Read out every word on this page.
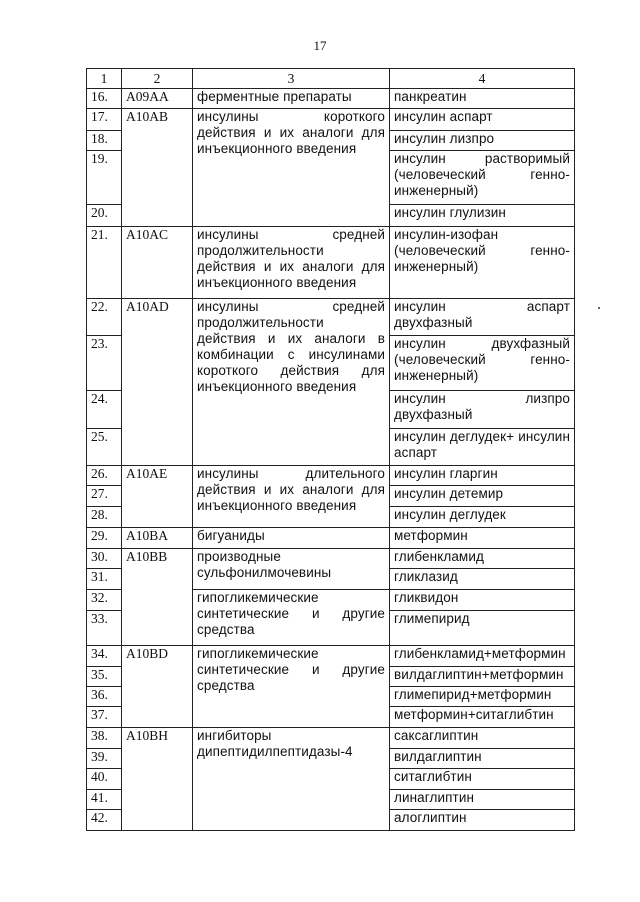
17
1	2	3	4
16.	A09AA	ферментные препараты	панкреатин
17.	A10AB	инсулины короткого действия и их аналоги для инъекционного введения	инсулин аспарт
18.			инсулин лизпро
19.			инсулин растворимый (человеческий генно-инженерный)
20.			инсулин глулизин
21.	A10AC	инсулины средней продолжительности действия и их аналоги для инъекционного введения	инсулин-изофан (человеческий генно-инженерный)
22.	A10AD	инсулины средней продолжительности действия и их аналоги в комбинации с инсулинами короткого действия для инъекционного введения	инсулин аспарт двухфазный
23.			инсулин двухфазный (человеческий генно-инженерный)
24.			инсулин лизпро двухфазный
25.			инсулин деглудек+ инсулин аспарт
26.	A10AE	инсулины длительного действия и их аналоги для инъекционного введения	инсулин гларгин
27.			инсулин детемир
28.			инсулин деглудек
29.	A10BA	бигуаниды	метформин
30.	A10BB	производные сульфонилмочевины	глибенкламид
31.			гликлазид
32.		гипогликемические синтетические и другие средства	гликвидон
33.			глимепирид
34.	A10BD	гипогликемические синтетические и другие средства	глибенкламид+метформин
35.			вилдаглиптин+метформин
36.			глимепирид+метформин
37.			метформин+ситаглибтин
38.	A10BH	ингибиторы дипептидилпептидазы-4	саксаглиптин
39.			вилдаглиптин
40.			ситаглибтин
41.			линаглиптин
42.			алоглиптин
